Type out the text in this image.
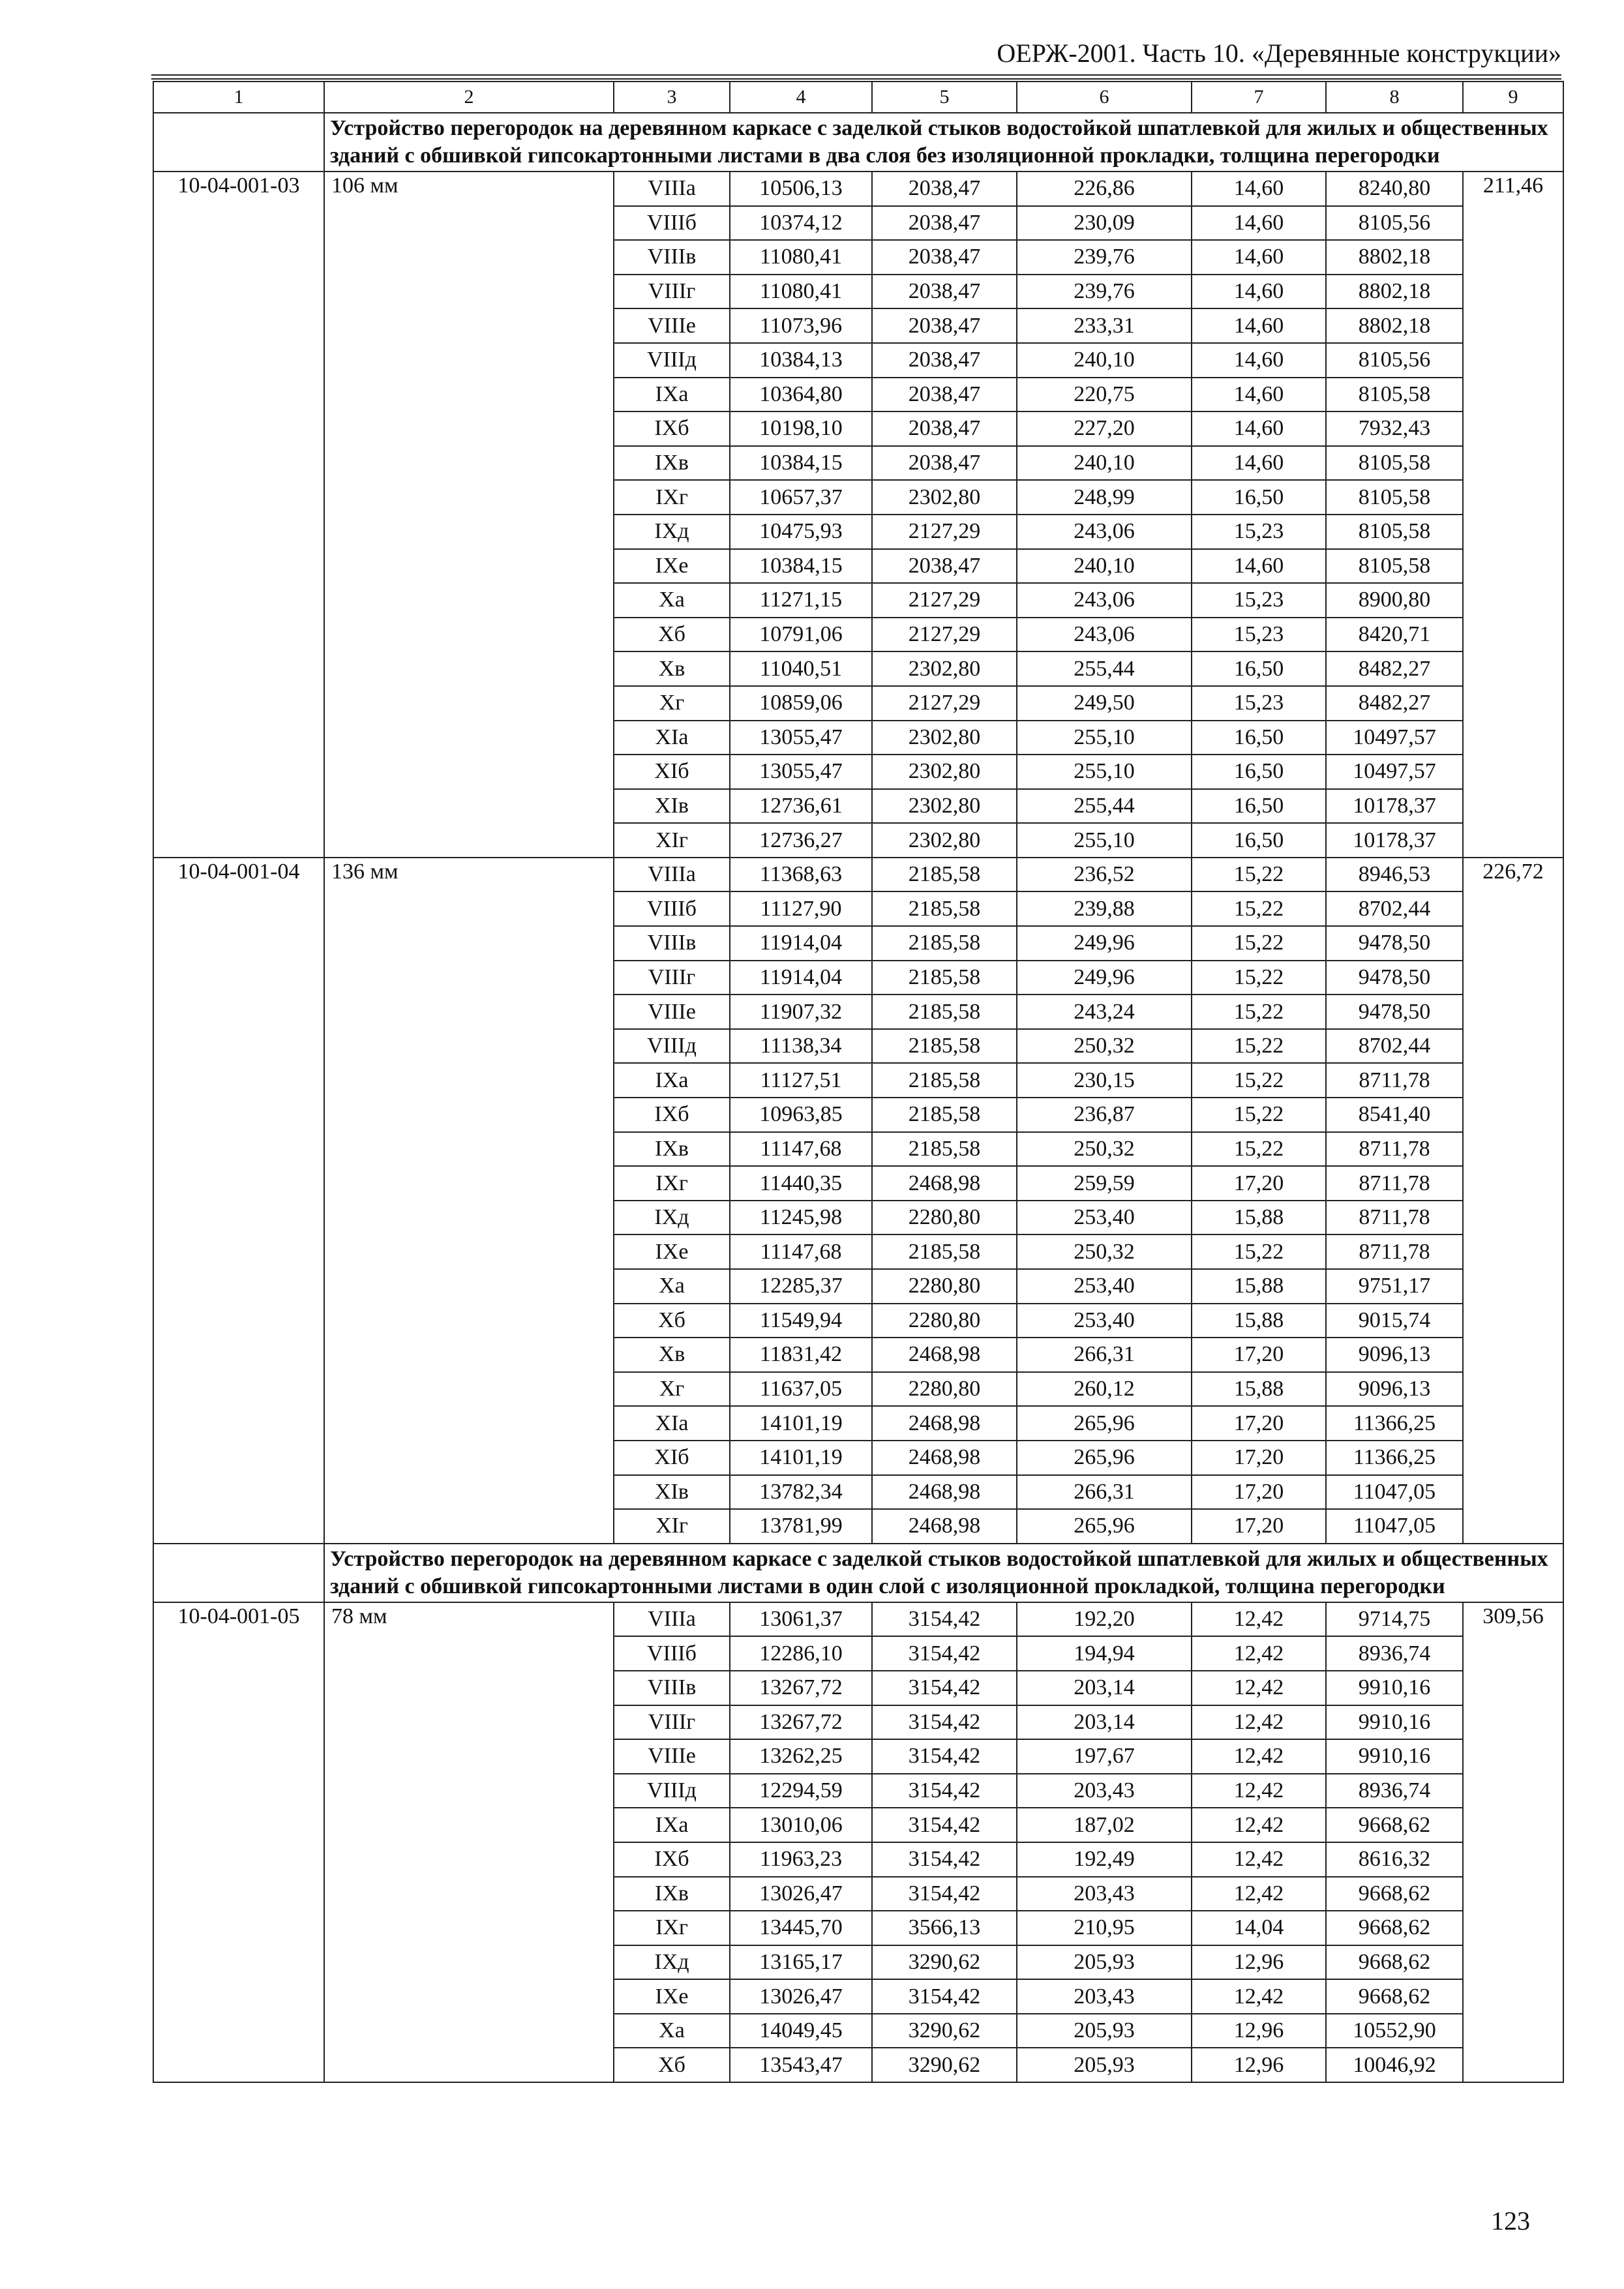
ОЕРЖ-2001. Часть 10. «Деревянные конструкции»
1	2	3	4	5	6	7	8	9
	Устройство перегородок на деревянном каркасе с заделкой стыков водостойкой шпатлевкой для жилых и общественных зданий с обшивкой гипсокартонными листами в два слоя без изоляционной прокладки, толщина перегородки							
10-04-001-03	106 мм	VIIIа	10506,13	2038,47	226,86	14,60	8240,80	211,46
		VIIIб	10374,12	2038,47	230,09	14,60	8105,56	
		VIIIв	11080,41	2038,47	239,76	14,60	8802,18	
		VIIIг	11080,41	2038,47	239,76	14,60	8802,18	
		VIIIе	11073,96	2038,47	233,31	14,60	8802,18	
		VIIIд	10384,13	2038,47	240,10	14,60	8105,56	
		IXа	10364,80	2038,47	220,75	14,60	8105,58	
		IXб	10198,10	2038,47	227,20	14,60	7932,43	
		IXв	10384,15	2038,47	240,10	14,60	8105,58	
		IXг	10657,37	2302,80	248,99	16,50	8105,58	
		IXд	10475,93	2127,29	243,06	15,23	8105,58	
		IXе	10384,15	2038,47	240,10	14,60	8105,58	
		Xа	11271,15	2127,29	243,06	15,23	8900,80	
		Xб	10791,06	2127,29	243,06	15,23	8420,71	
		Xв	11040,51	2302,80	255,44	16,50	8482,27	
		Xг	10859,06	2127,29	249,50	15,23	8482,27	
		XIа	13055,47	2302,80	255,10	16,50	10497,57	
		XIб	13055,47	2302,80	255,10	16,50	10497,57	
		XIв	12736,61	2302,80	255,44	16,50	10178,37	
		XIг	12736,27	2302,80	255,10	16,50	10178,37	
10-04-001-04	136 мм	VIIIа	11368,63	2185,58	236,52	15,22	8946,53	226,72
		VIIIб	11127,90	2185,58	239,88	15,22	8702,44	
		VIIIв	11914,04	2185,58	249,96	15,22	9478,50	
		VIIIг	11914,04	2185,58	249,96	15,22	9478,50	
		VIIIе	11907,32	2185,58	243,24	15,22	9478,50	
		VIIIд	11138,34	2185,58	250,32	15,22	8702,44	
		IXа	11127,51	2185,58	230,15	15,22	8711,78	
		IXб	10963,85	2185,58	236,87	15,22	8541,40	
		IXв	11147,68	2185,58	250,32	15,22	8711,78	
		IXг	11440,35	2468,98	259,59	17,20	8711,78	
		IXд	11245,98	2280,80	253,40	15,88	8711,78	
		IXе	11147,68	2185,58	250,32	15,22	8711,78	
		Xа	12285,37	2280,80	253,40	15,88	9751,17	
		Xб	11549,94	2280,80	253,40	15,88	9015,74	
		Xв	11831,42	2468,98	266,31	17,20	9096,13	
		Xг	11637,05	2280,80	260,12	15,88	9096,13	
		XIа	14101,19	2468,98	265,96	17,20	11366,25	
		XIб	14101,19	2468,98	265,96	17,20	11366,25	
		XIв	13782,34	2468,98	266,31	17,20	11047,05	
		XIг	13781,99	2468,98	265,96	17,20	11047,05	
	Устройство перегородок на деревянном каркасе с заделкой стыков водостойкой шпатлевкой для жилых и общественных зданий с обшивкой гипсокартонными листами в один слой с изоляционной прокладкой, толщина перегородки							
10-04-001-05	78 мм	VIIIа	13061,37	3154,42	192,20	12,42	9714,75	309,56
		VIIIб	12286,10	3154,42	194,94	12,42	8936,74	
		VIIIв	13267,72	3154,42	203,14	12,42	9910,16	
		VIIIг	13267,72	3154,42	203,14	12,42	9910,16	
		VIIIе	13262,25	3154,42	197,67	12,42	9910,16	
		VIIIд	12294,59	3154,42	203,43	12,42	8936,74	
		IXа	13010,06	3154,42	187,02	12,42	9668,62	
		IXб	11963,23	3154,42	192,49	12,42	8616,32	
		IXв	13026,47	3154,42	203,43	12,42	9668,62	
		IXг	13445,70	3566,13	210,95	14,04	9668,62	
		IXд	13165,17	3290,62	205,93	12,96	9668,62	
		IXе	13026,47	3154,42	203,43	12,42	9668,62	
		Xа	14049,45	3290,62	205,93	12,96	10552,90	
		Xб	13543,47	3290,62	205,93	12,96	10046,92	
123
